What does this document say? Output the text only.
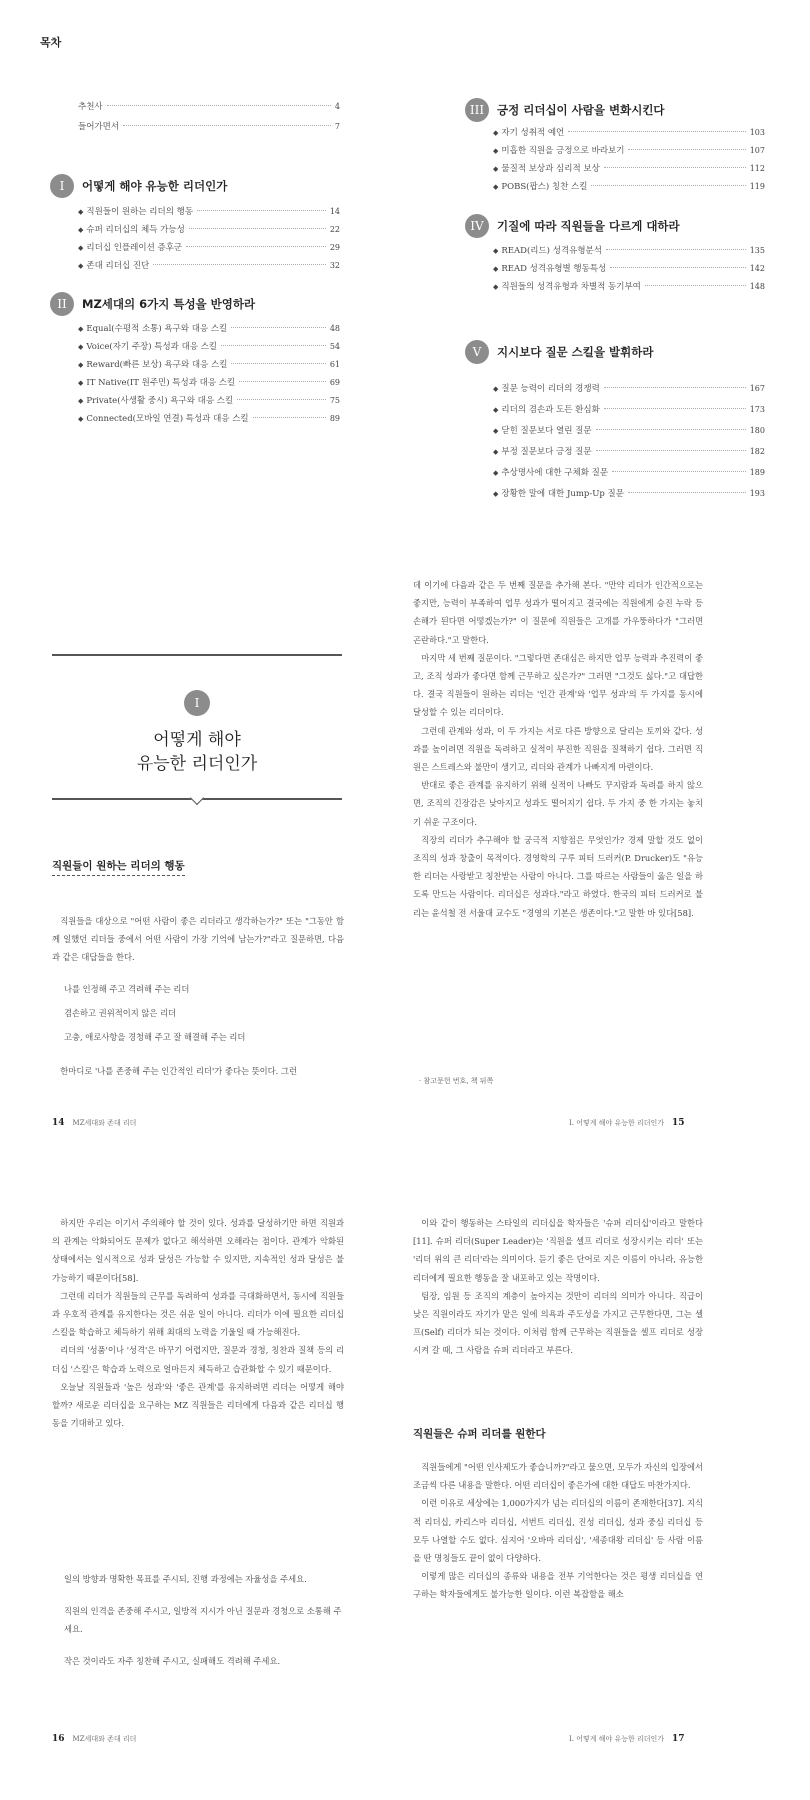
목차
추천사	4
들어가면서	7
I	어떻게 해야 유능한 리더인가
◆ 직원들이 원하는 리더의 행동	14
◆ 슈퍼 리더십의 체득 가능성	22
◆ 리더십 인플레이션 증후군	29
◆ 존대 리더십 진단	32
II	MZ세대의 6가지 특성을 반영하라
◆ Equal(수평적 소통) 욕구와 대응 스킬	48
◆ Voice(자기 주장) 특성과 대응 스킬	54
◆ Reward(빠른 보상) 욕구와 대응 스킬	61
◆ IT Native(IT 원주민) 특성과 대응 스킬	69
◆ Private(사생활 중시) 욕구와 대응 스킬	75
◆ Connected(모바일 연결) 특성과 대응 스킬	89
III	긍정 리더십이 사람을 변화시킨다
◆ 자기 성취적 예언	103
◆ 미흡한 직원을 긍정으로 바라보기	107
◆ 물질적 보상과 심리적 보상	112
◆ POBS(팝스) 칭찬 스킬	119
IV	기질에 따라 직원들을 다르게 대하라
◆ READ(리드) 성격유형분석	135
◆ READ 성격유형별 행동특성	142
◆ 직원들의 성격유형과 차별적 동기부여	148
V	지시보다 질문 스킬을 발휘하라
◆ 질문 능력이 리더의 경쟁력	167
◆ 리더의 겸손과 도든 환심화	173
◆ 닫힌 질문보다 열린 질문	180
◆ 부정 질문보다 긍정 질문	182
◆ 추상명사에 대한 구체화 질문	189
◆ 장황한 말에 대한 Jump-Up 질문	193
I
어떻게 해야
유능한 리더인가
직원들이 원하는 리더의 행동

직원들을 대상으로 "어떤 사람이 좋은 리더라고 생각하는가?" 또는 "그동안 함께 일했던 리더들 중에서 어떤 사람이 가장 기억에 남는가?"라고 질문하면, 다음과 같은 대답들을 한다.

나를 인정해 주고 격려해 주는 리더

겸손하고 권위적이지 않은 리더

고충, 애로사항을 경청해 주고 잘 해결해 주는 리더

한마디로 '나를 존중해 주는 인간적인 리더'가 좋다는 뜻이다. 그런

14 MZ세대와 존대 리더

데 이기에 다음과 같은 두 번째 질문을 추가해 본다. "만약 리더가 인간적으로는 좋지만, 능력이 부족하여 업무 성과가 떨어지고 결국에는 직원에게 승진 누락 등 손해가 된다면 어떻겠는가?" 이 질문에 직원들은 고개를 가우뚱하다가 "그러면 곤란하다."고 말한다.

마지막 세 번째 질문이다. "그렇다면 존대심은 하지만 업무 능력과 추진력이 좋고, 조직 성과가 좋다면 함께 근무하고 싶은가?" 그러면 "그것도 싫다."고 대답한다. 결국 직원들이 원하는 리더는 '인간 관계'와 '업무 성과'의 두 가지를 동시에 달성할 수 있는 리더이다.

그런데 관계와 성과, 이 두 가지는 서로 다른 방향으로 달리는 토끼와 같다. 성과를 높이려면 직원을 독려하고 실적이 부진한 직원을 질책하기 쉽다. 그러면 직원은 스트레스와 불만이 생기고, 리더와 관계가 나빠지게 마련이다.

반대로 좋은 관계를 유지하기 위해 실적이 나빠도 꾸지람과 독려를 하지 않으면, 조직의 긴장감은 낮아지고 성과도 떨어지기 쉽다. 두 가지 중 한 가지는 놓치기 쉬운 구조이다.

직장의 리더가 추구해야 할 궁극적 지향점은 무엇인가? 경제 말할 것도 없이 조직의 성과 창출이 목적이다. 경영학의 구루 피터 드러커(P. Drucker)도 "유능한 리더는 사랑받고 칭찬받는 사람이 아니다. 그를 따르는 사람들이 옳은 일을 하도록 만드는 사람이다. 리더십은 성과다."라고 하였다. 한국의 피터 드러커로 불리는 윤석철 전 서울대 교수도 "경영의 기본은 생존이다."고 말한 바 있다[58].

· 참고문헌 번호, 책 뒤쪽
I. 어떻게 해야 유능한 리더인가 15

하지만 우리는 이기서 주의해야 할 것이 있다. 성과를 달성하기만 하면 직원과의 관계는 악화되어도 문제가 없다고 해석하면 오해라는 점이다. 관계가 악화된 상태에서는 일시적으로 성과 달성은 가능할 수 있지만, 지속적인 성과 달성은 불가능하기 때문이다[58].

그런데 리더가 직원들의 근무를 독려하여 성과를 극대화하면서, 동시에 직원들과 우호적 관계를 유지한다는 것은 쉬운 일이 아니다. 리더가 이에 필요한 리더십 스킬을 학습하고 체득하기 위해 최대의 노력을 기울일 때 가능해진다.

리더의 '성품'이나 '성격'은 바꾸기 어렵지만, 질문과 경청, 칭찬과 질책 등의 리더십 '스킬'은 학습과 노력으로 얼마든지 체득하고 습관화할 수 있기 때문이다.

오늘날 직원들과 '높은 성과'와 '좋은 관계'를 유지하려면 리더는 어떻게 해야 할까? 새로운 리더십을 요구하는 MZ 직원들은 리더에게 다음과 같은 리더십 행동을 기대하고 있다.

일의 방향과 명확한 목표를 주시되, 진행 과정에는 자율성을 주세요.

직원의 인격을 존중해 주시고, 일방적 지시가 아닌 질문과 경청으로 소통해 주세요.

작은 것이라도 자주 칭찬해 주시고, 실패해도 격려해 주세요.

16 MZ세대와 존대 리더

이와 같이 행동하는 스타일의 리더십을 학자들은 '슈퍼 리더십'이라고 말한다[11]. 슈퍼 리더(Super Leader)는 '직원을 셀프 리더로 성장시키는 리더' 또는 '리더 위의 큰 리더'라는 의미이다. 듣기 좋은 단어로 지은 이름이 아니라, 유능한 리더에게 필요한 행동을 잘 내포하고 있는 작명이다.

팀장, 임원 등 조직의 계층이 높아지는 것만이 리더의 의미가 아니다. 직급이 낮은 직원이라도 자기가 맡은 일에 의욕과 주도성을 가지고 근무한다면, 그는 셀프(Self) 리더가 되는 것이다. 이처럼 함께 근무하는 직원들을 셀프 리더로 성장시켜 갈 때, 그 사람을 슈퍼 리더라고 부른다.

직원들은 슈퍼 리더를 원한다

직원들에게 "어떤 인사제도가 좋습니까?"라고 물으면, 모두가 자신의 입장에서 조금씩 다른 내용을 말한다. 어떤 리더십이 좋은가에 대한 대답도 마찬가지다.

이런 이유로 세상에는 1,000가지가 넘는 리더십의 이름이 존재한다[37]. 지식적 리더십, 카리스마 리더십, 서번트 리더십, 진성 리더십, 성과 중심 리더십 등 모두 나열할 수도 없다. 심지어 '오바마 리더십', '세종대왕 리더십' 등 사람 이름을 딴 명칭들도 끝이 없이 다양하다.

이렇게 많은 리더십의 종류와 내용을 전부 기억한다는 것은 평생 리더십을 연구하는 학자들에게도 불가능한 일이다. 이런 복잡함을 해소

I. 어떻게 해야 유능한 리더인가 17
